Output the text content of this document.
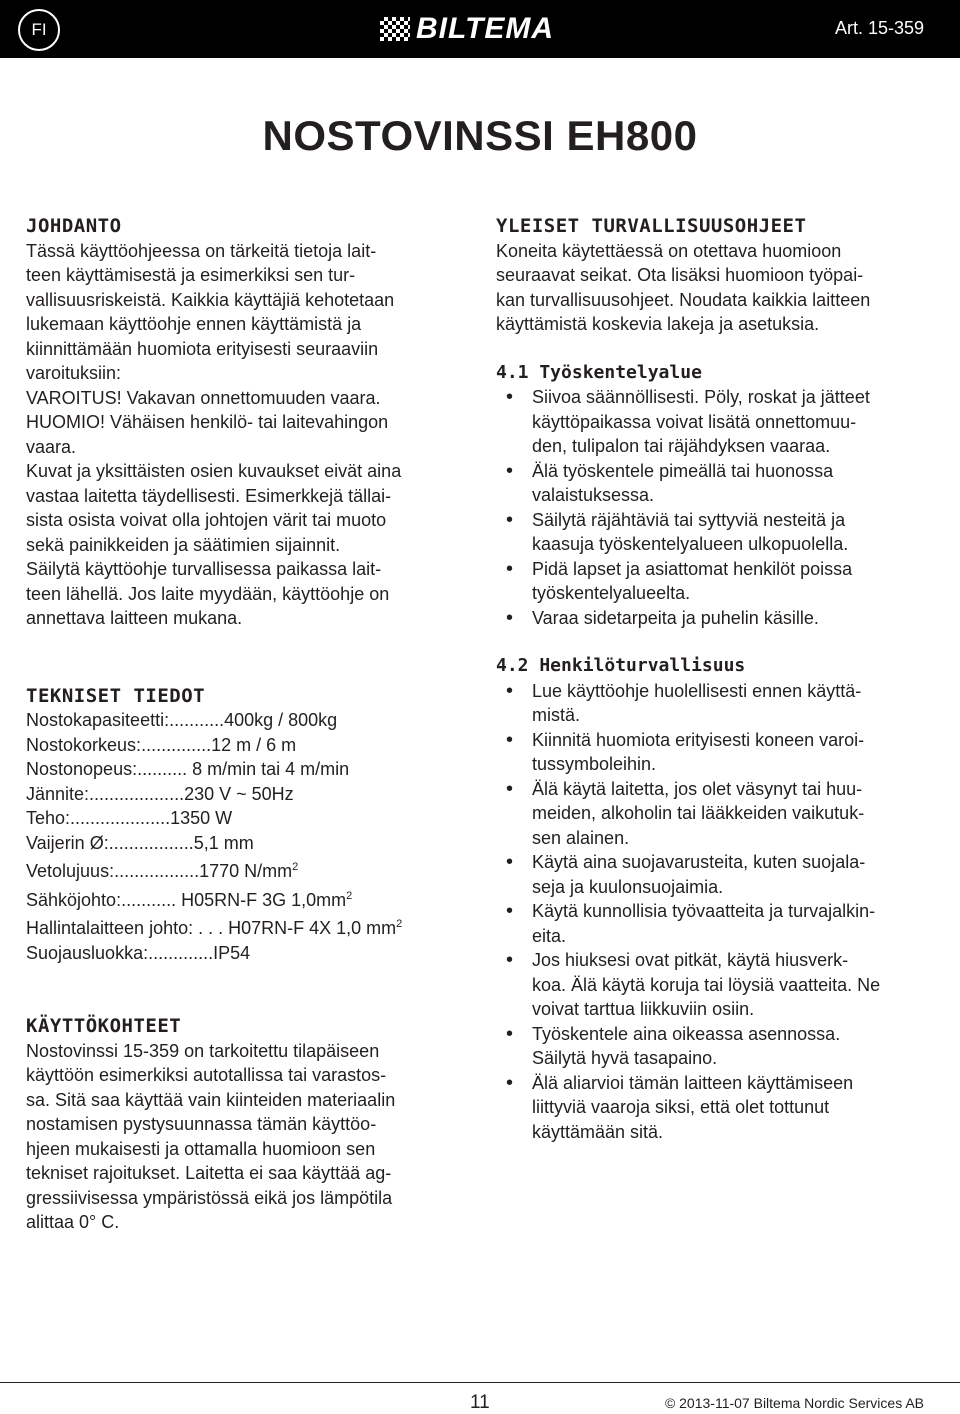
FI	BILTEMA	Art. 15-359
NOSTOVINSSI EH800
JOHDANTO

Tässä käyttöohjeessa on tärkeitä tietoja lait-

teen käyttämisestä ja esimerkiksi sen tur-

vallisuusriskeistä. Kaikkia käyttäjiä kehotetaan

lukemaan käyttöohje ennen käyttämistä ja

kiinnittämään huomiota erityisesti seuraaviin

varoituksiin:

VAROITUS! Vakavan onnettomuuden vaara.

HUOMIO! Vähäisen henkilö- tai laitevahingon

vaara.

Kuvat ja yksittäisten osien kuvaukset eivät aina

vastaa laitetta täydellisesti. Esimerkkejä tällai-

sista osista voivat olla johtojen värit tai muoto

sekä painikkeiden ja säätimien sijainnit.

Säilytä käyttöohje turvallisessa paikassa lait-

teen lähellä. Jos laite myydään, käyttöohje on

annettava laitteen mukana.

TEKNISET TIEDOT
Nostokapasiteetti:...........400kg / 800kg
Nostokorkeus:..............12 m / 6 m
Nostonopeus:.......... 8 m/min tai 4 m/min
Jännite:...................230 V ~ 50Hz
Teho:....................1350 W
Vaijerin Ø:.................5,1 mm
Vetolujuus:.................1770 $N/mm^2$
Sähköjohto:........... H05RN-F 3G $1,0mm^2$
Hallintalaitteen johto: . . . H07RN-F 4X 1,0 $mm^2$
Suojausluokka:.............IP54
KÄYTTÖKOHTEET

Nostovinssi 15-359 on tarkoitettu tilapäiseen

käyttöön esimerkiksi autotallissa tai varastos-

sa. Sitä saa käyttää vain kiinteiden materiaalin

nostamisen pystysuunnassa tämän käyttöo-

hjeen mukaisesti ja ottamalla huomioon sen

tekniset rajoitukset. Laitetta ei saa käyttää ag-

gressiivisessa ympäristössä eikä jos lämpötila

alittaa 0° C.

YLEISET TURVALLISUUSOHJEET

Koneita käytettäessä on otettava huomioon

seuraavat seikat. Ota lisäksi huomioon työpai-

kan turvallisuusohjeet. Noudata kaikkia laitteen

käyttämistä koskevia lakeja ja asetuksia.

4.1 Työskentelyalue
• Siivoa säännöllisesti. Pöly, roskat ja jätteet
käyttöpaikassa voivat lisätä onnettomuu-
den, tulipalon tai räjähdyksen vaaraa.
• Älä työskentele pimeällä tai huonossa
valaistuksessa.
• Säilytä räjähtäviä tai syttyviä nesteitä ja
kaasuja työskentelyalueen ulkopuolella.
• Pidä lapset ja asiattomat henkilöt poissa
työskentelyalueelta.
• Varaa sidetarpeita ja puhelin käsille.
4.2 Henkilöturvallisuus
• Lue käyttöohje huolellisesti ennen käyttä-
mistä.
• Kiinnitä huomiota erityisesti koneen varoi-
tussymboleihin.
• Älä käytä laitetta, jos olet väsynyt tai huu-
meiden, alkoholin tai lääkkeiden vaikutuk-
sen alainen.
• Käytä aina suojavarusteita, kuten suojala-
seja ja kuulonsuojaimia.
• Käytä kunnollisia työvaatteita ja turvajalkin-
eita.
• Jos hiuksesi ovat pitkät, käytä hiusverk-
koa. Älä käytä koruja tai löysiä vaatteita. Ne
voivat tarttua liikkuviin osiin.
• Työskentele aina oikeassa asennossa.
Säilytä hyvä tasapaino.
• Älä aliarvioi tämän laitteen käyttämiseen
liittyviä vaaroja siksi, että olet tottunut
käyttämään sitä.
11	© 2013-11-07 Biltema Nordic Services AB
